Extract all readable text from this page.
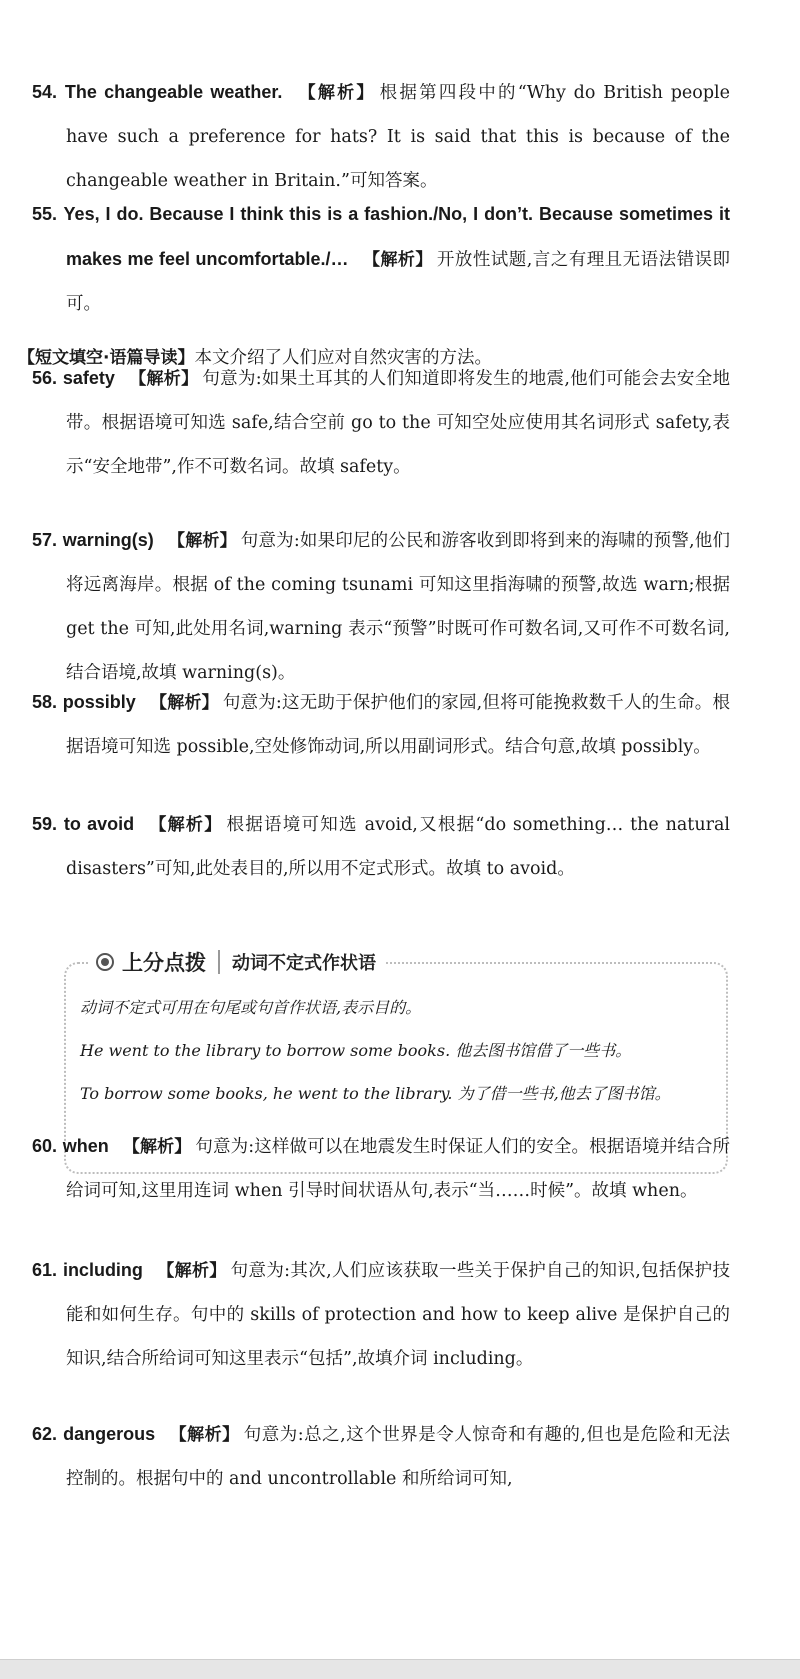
54. The changeable weather. 【解析】 根据第四段中的“Why do British people have such a preference for hats? It is said that this is because of the changeable weather in Britain.”可知答案。
55. Yes, I do. Because I think this is a fashion./No, I don’t. Because sometimes it makes me feel uncomfortable./… 【解析】 开放性试题,言之有理且无语法错误即可。
【短文填空·语篇导读】本文介绍了人们应对自然灾害的方法。
56. safety 【解析】 句意为:如果土耳其的人们知道即将发生的地震,他们可能会去安全地带。根据语境可知选 safe,结合空前 go to the 可知空处应使用其名词形式 safety,表示“安全地带”,作不可数名词。故填 safety。
57. warning(s) 【解析】 句意为:如果印尼的公民和游客收到即将到来的海啸的预警,他们将远离海岸。根据 of the coming tsunami 可知这里指海啸的预警,故选 warn;根据 get the 可知,此处用名词,warning 表示“预警”时既可作可数名词,又可作不可数名词,结合语境,故填 warning(s)。
58. possibly 【解析】 句意为:这无助于保护他们的家园,但将可能挽救数千人的生命。根据语境可知选 possible,空处修饰动词,所以用副词形式。结合句意,故填 possibly。
59. to avoid 【解析】 根据语境可知选 avoid,又根据“do something… the natural disasters”可知,此处表目的,所以用不定式形式。故填 to avoid。
上分点拨 动词不定式作状语
动词不定式可用在句尾或句首作状语,表示目的。
He went to the library to borrow some books. 他去图书馆借了一些书。
To borrow some books, he went to the library. 为了借一些书,他去了图书馆。
60. when 【解析】 句意为:这样做可以在地震发生时保证人们的安全。根据语境并结合所给词可知,这里用连词 when 引导时间状语从句,表示“当……时候”。故填 when。
61. including 【解析】 句意为:其次,人们应该获取一些关于保护自己的知识,包括保护技能和如何生存。句中的 skills of protection and how to keep alive 是保护自己的知识,结合所给词可知这里表示“包括”,故填介词 including。
62. dangerous 【解析】 句意为:总之,这个世界是令人惊奇和有趣的,但也是危险和无法控制的。根据句中的 and uncontrollable 和所给词可知,
